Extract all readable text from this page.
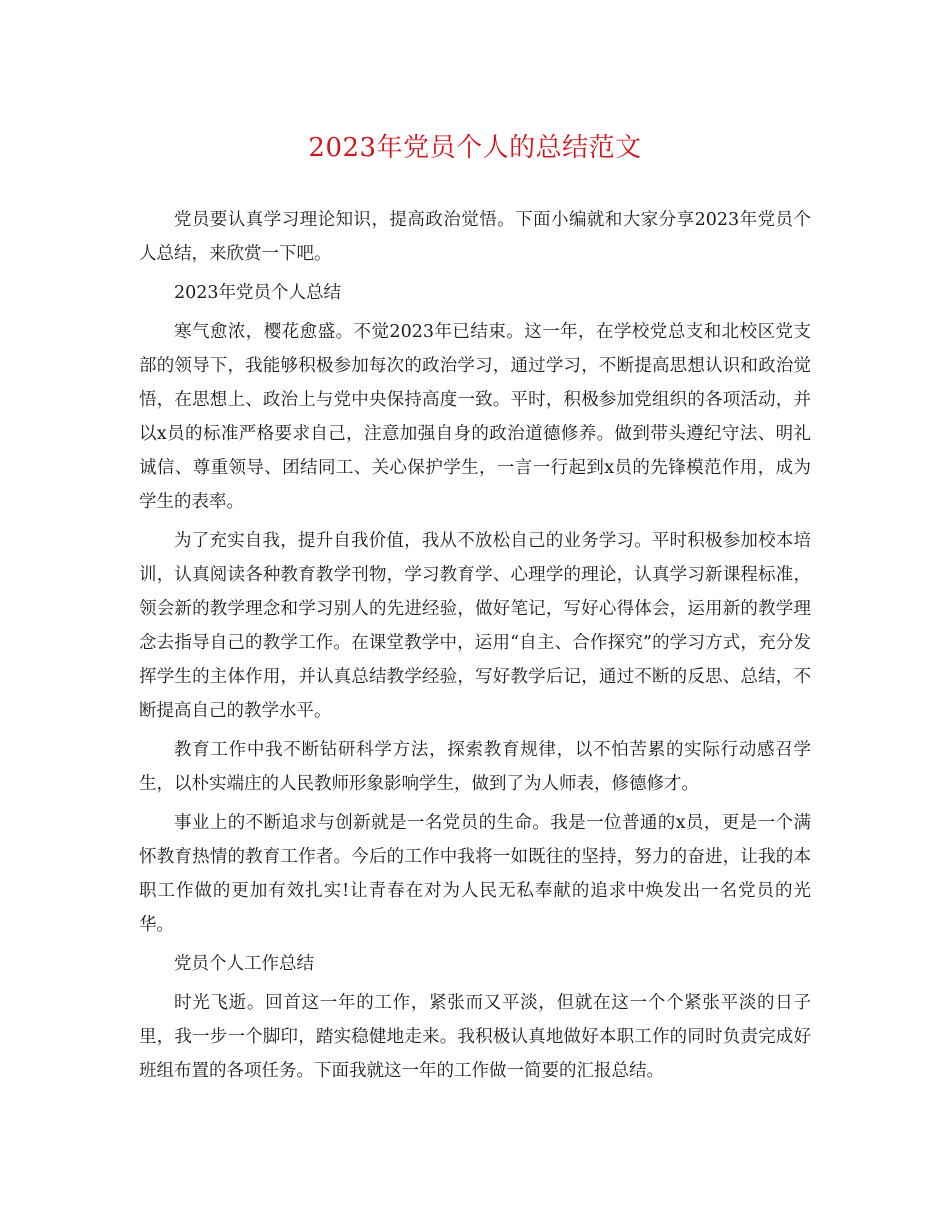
2023年党员个人的总结范文

党员要认真学习理论知识，提高政治觉悟。下面小编就和大家分享2023年党员个人总结，来欣赏一下吧。

2023年党员个人总结

寒气愈浓，樱花愈盛。不觉2023年已结束。这一年，在学校党总支和北校区党支部的领导下，我能够积极参加每次的政治学习，通过学习，不断提高思想认识和政治觉悟，在思想上、政治上与党中央保持高度一致。平时，积极参加党组织的各项活动，并以x员的标准严格要求自己，注意加强自身的政治道德修养。做到带头遵纪守法、明礼诚信、尊重领导、团结同工、关心保护学生，一言一行起到x员的先锋模范作用，成为学生的表率。

为了充实自我，提升自我价值，我从不放松自己的业务学习。平时积极参加校本培训，认真阅读各种教育教学刊物，学习教育学、心理学的理论，认真学习新课程标准，领会新的教学理念和学习别人的先进经验，做好笔记，写好心得体会，运用新的教学理念去指导自己的教学工作。在课堂教学中，运用“自主、合作探究”的学习方式，充分发挥学生的主体作用，并认真总结教学经验，写好教学后记，通过不断的反思、总结，不断提高自己的教学水平。

教育工作中我不断钻研科学方法，探索教育规律，以不怕苦累的实际行动感召学生，以朴实端庄的人民教师形象影响学生，做到了为人师表，修德修才。

事业上的不断追求与创新就是一名党员的生命。我是一位普通的x员，更是一个满怀教育热情的教育工作者。今后的工作中我将一如既往的坚持，努力的奋进，让我的本职工作做的更加有效扎实!让青春在对为人民无私奉献的追求中焕发出一名党员的光华。

党员个人工作总结

时光飞逝。回首这一年的工作，紧张而又平淡，但就在这一个个紧张平淡的日子里，我一步一个脚印，踏实稳健地走来。我积极认真地做好本职工作的同时负责完成好班组布置的各项任务。下面我就这一年的工作做一简要的汇报总结。
